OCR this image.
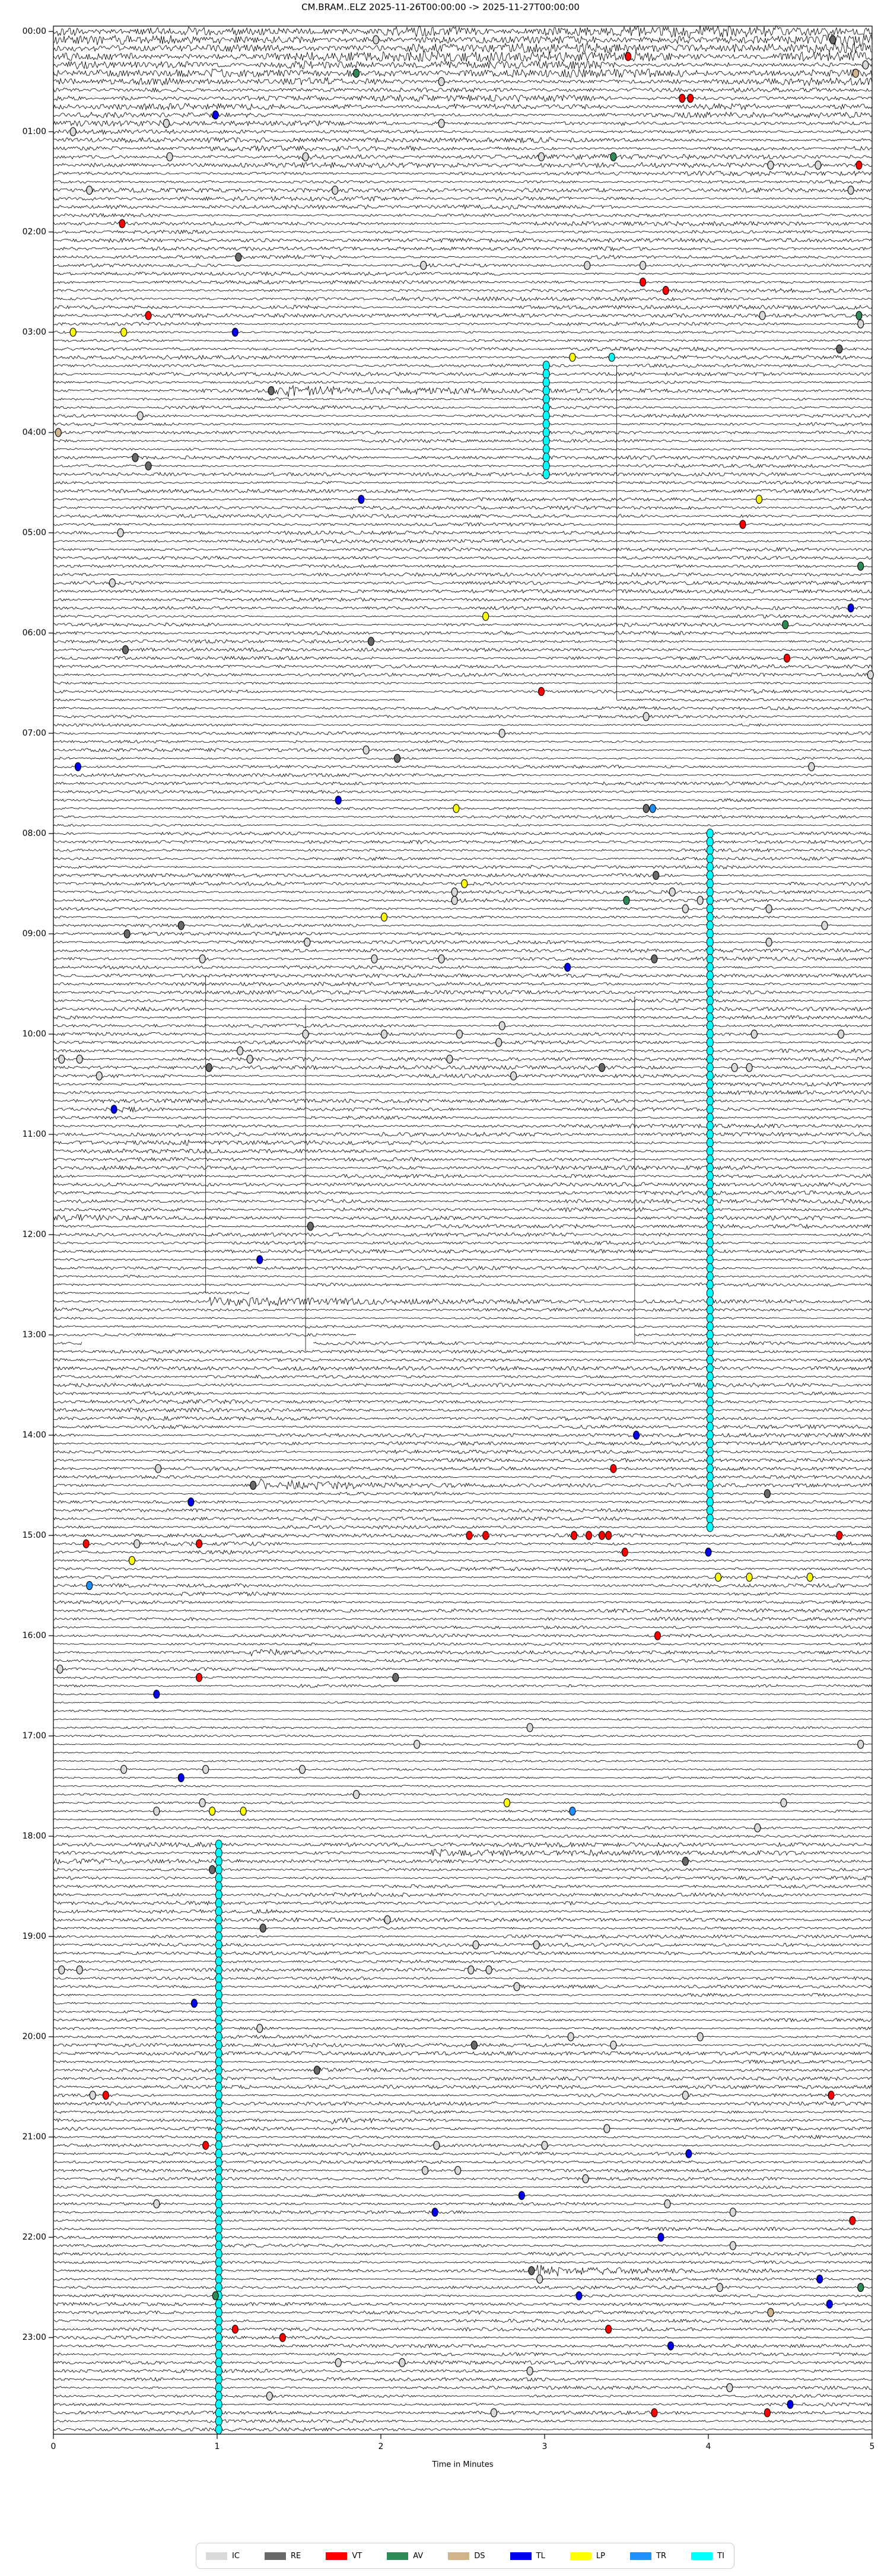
CM.BRAM..ELZ 2025-11-26T00:00:00 -> 2025-11-27T00:00:00
Time in Minutes
00:00
01:00
02:00
03:00
04:00
05:00
06:00
07:00
08:00
09:00
10:00
11:00
12:00
13:00
14:00
15:00
16:00
17:00
18:00
19:00
20:00
21:00
22:00
23:00
0	1	2	3	4	5
IC	RE	VT	AV	DS	TL	LP	TR	TI
